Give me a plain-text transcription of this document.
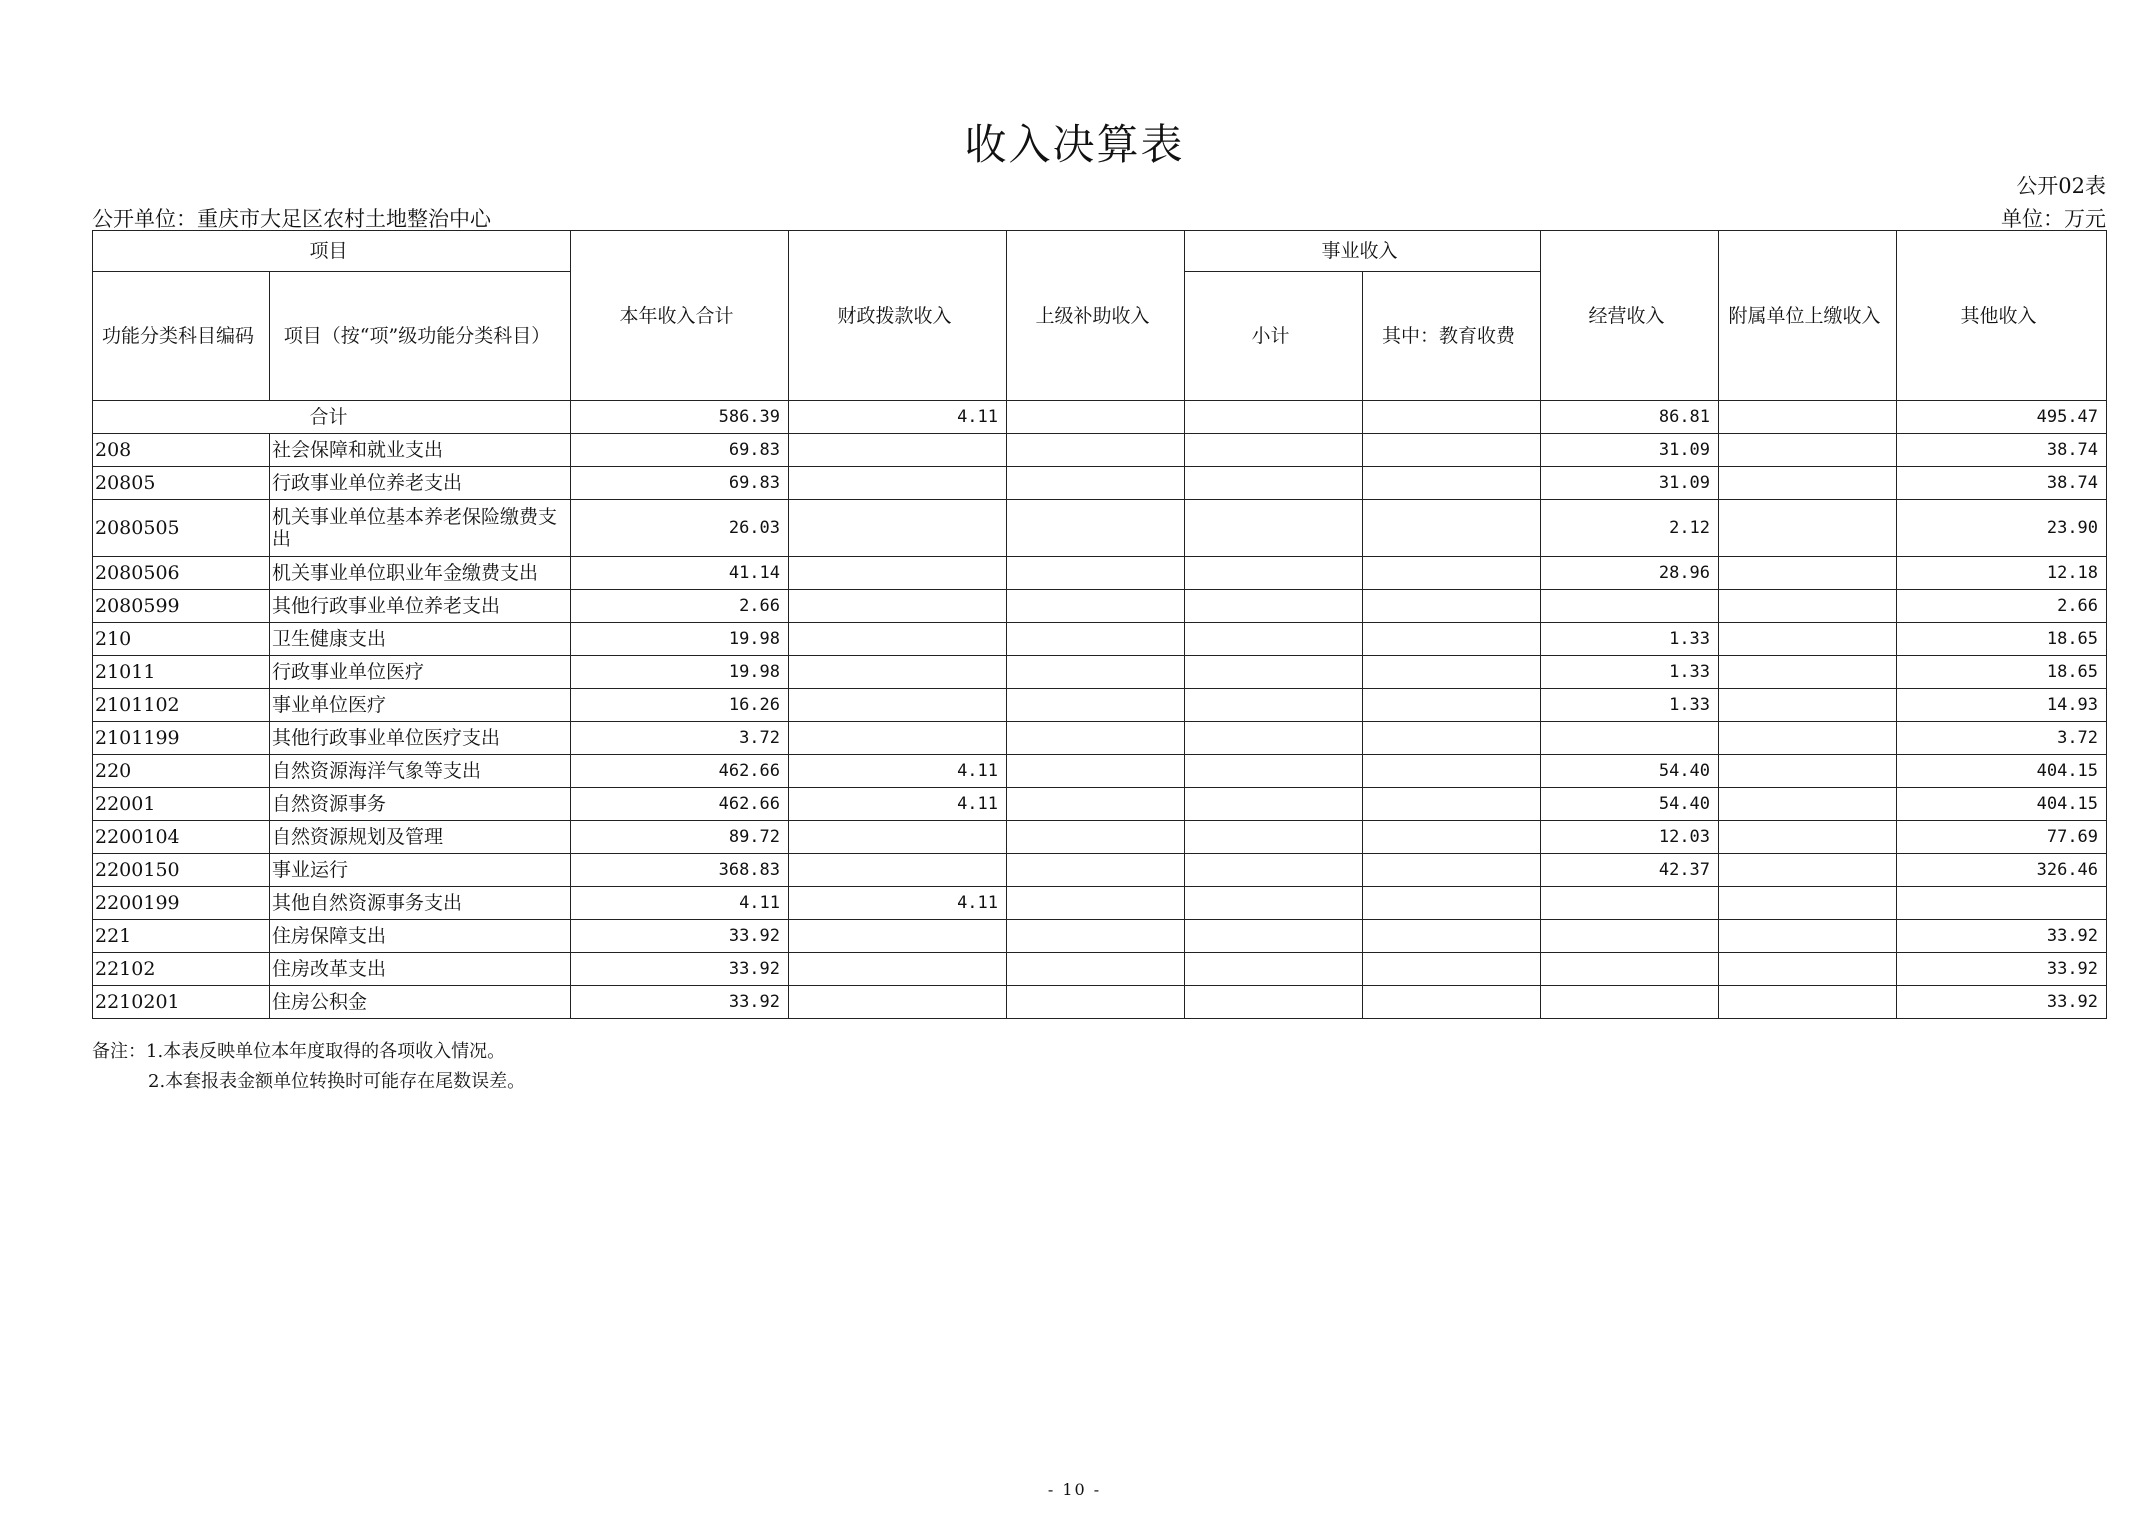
收入决算表
公开02表
公开单位：重庆市大足区农村土地整治中心	单位：万元
项目		本年收入合计	财政拨款收入	上级补助收入	事业收入		经营收入	附属单位上缴收入	其他收入
功能分类科目编码	项目（按“项”级功能分类科目）				小计	其中：教育收费			
合计		586.39	4.11				86.81		495.47
208	社会保障和就业支出	69.83					31.09		38.74
20805	行政事业单位养老支出	69.83					31.09		38.74
2080505	机关事业单位基本养老保险缴费支出	26.03					2.12		23.90
2080506	机关事业单位职业年金缴费支出	41.14					28.96		12.18
2080599	其他行政事业单位养老支出	2.66							2.66
210	卫生健康支出	19.98					1.33		18.65
21011	行政事业单位医疗	19.98					1.33		18.65
2101102	事业单位医疗	16.26					1.33		14.93
2101199	其他行政事业单位医疗支出	3.72							3.72
220	自然资源海洋气象等支出	462.66	4.11				54.40		404.15
22001	自然资源事务	462.66	4.11				54.40		404.15
2200104	自然资源规划及管理	89.72					12.03		77.69
2200150	事业运行	368.83					42.37		326.46
2200199	其他自然资源事务支出	4.11	4.11						
221	住房保障支出	33.92							33.92
22102	住房改革支出	33.92							33.92
2210201	住房公积金	33.92							33.92
备注：1.本表反映单位本年度取得的各项收入情况。
2.本套报表金额单位转换时可能存在尾数误差。
- 10 -
